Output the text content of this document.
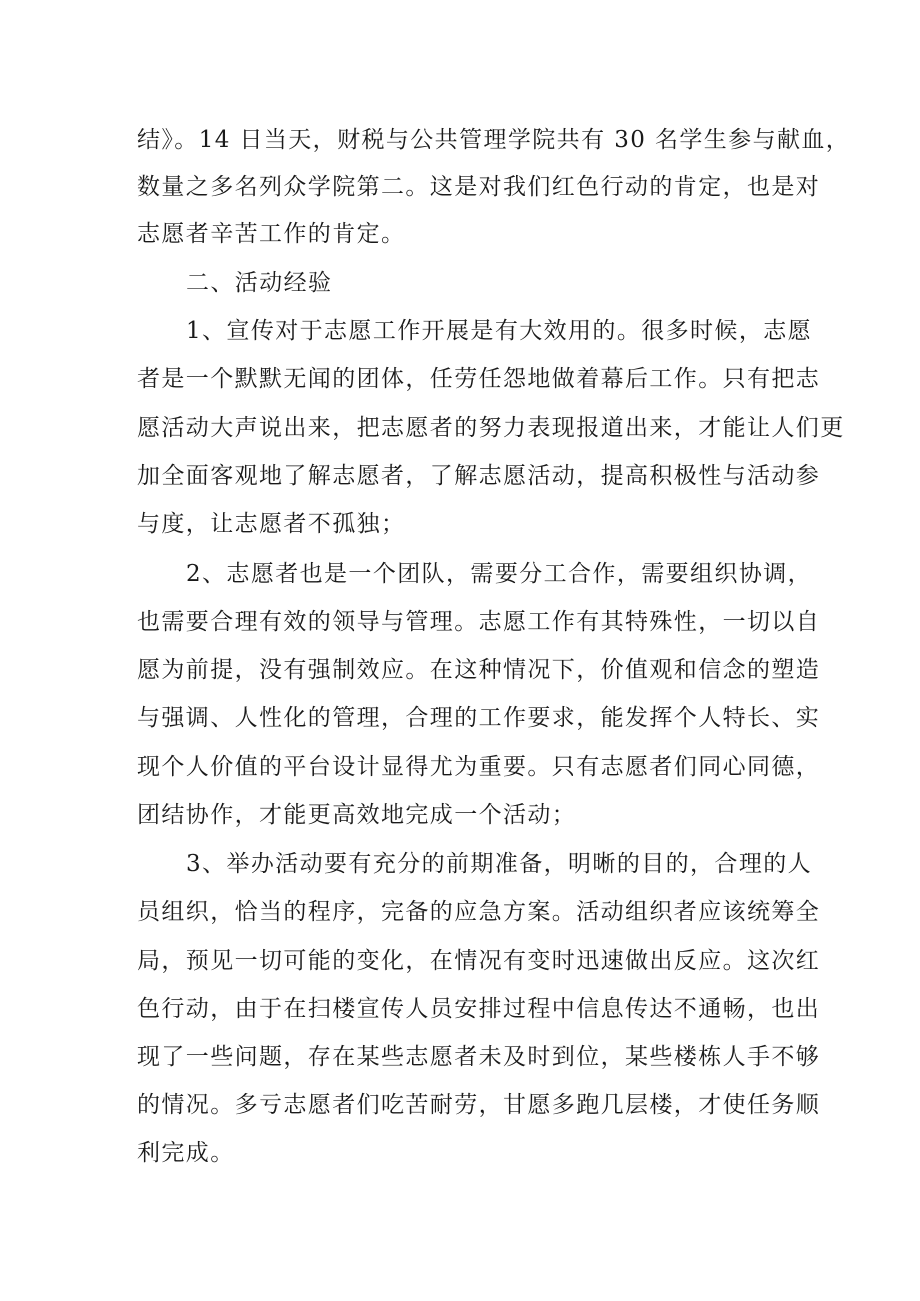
结》。14 日当天，财税与公共管理学院共有 30 名学生参与献血，
数量之多名列众学院第二。这是对我们红色行动的肯定，也是对
志愿者辛苦工作的肯定。
二、活动经验
1、宣传对于志愿工作开展是有大效用的。很多时候，志愿
者是一个默默无闻的团体，任劳任怨地做着幕后工作。只有把志
愿活动大声说出来，把志愿者的努力表现报道出来，才能让人们更
加全面客观地了解志愿者，了解志愿活动，提高积极性与活动参
与度，让志愿者不孤独；
2、志愿者也是一个团队，需要分工合作，需要组织协调，
也需要合理有效的领导与管理。志愿工作有其特殊性，一切以自
愿为前提，没有强制效应。在这种情况下，价值观和信念的塑造
与强调、人性化的管理，合理的工作要求，能发挥个人特长、实
现个人价值的平台设计显得尤为重要。只有志愿者们同心同德，
团结协作，才能更高效地完成一个活动；
3、举办活动要有充分的前期准备，明晰的目的，合理的人
员组织，恰当的程序，完备的应急方案。活动组织者应该统筹全
局，预见一切可能的变化，在情况有变时迅速做出反应。这次红
色行动，由于在扫楼宣传人员安排过程中信息传达不通畅，也出
现了一些问题，存在某些志愿者未及时到位，某些楼栋人手不够
的情况。多亏志愿者们吃苦耐劳，甘愿多跑几层楼，才使任务顺
利完成。
